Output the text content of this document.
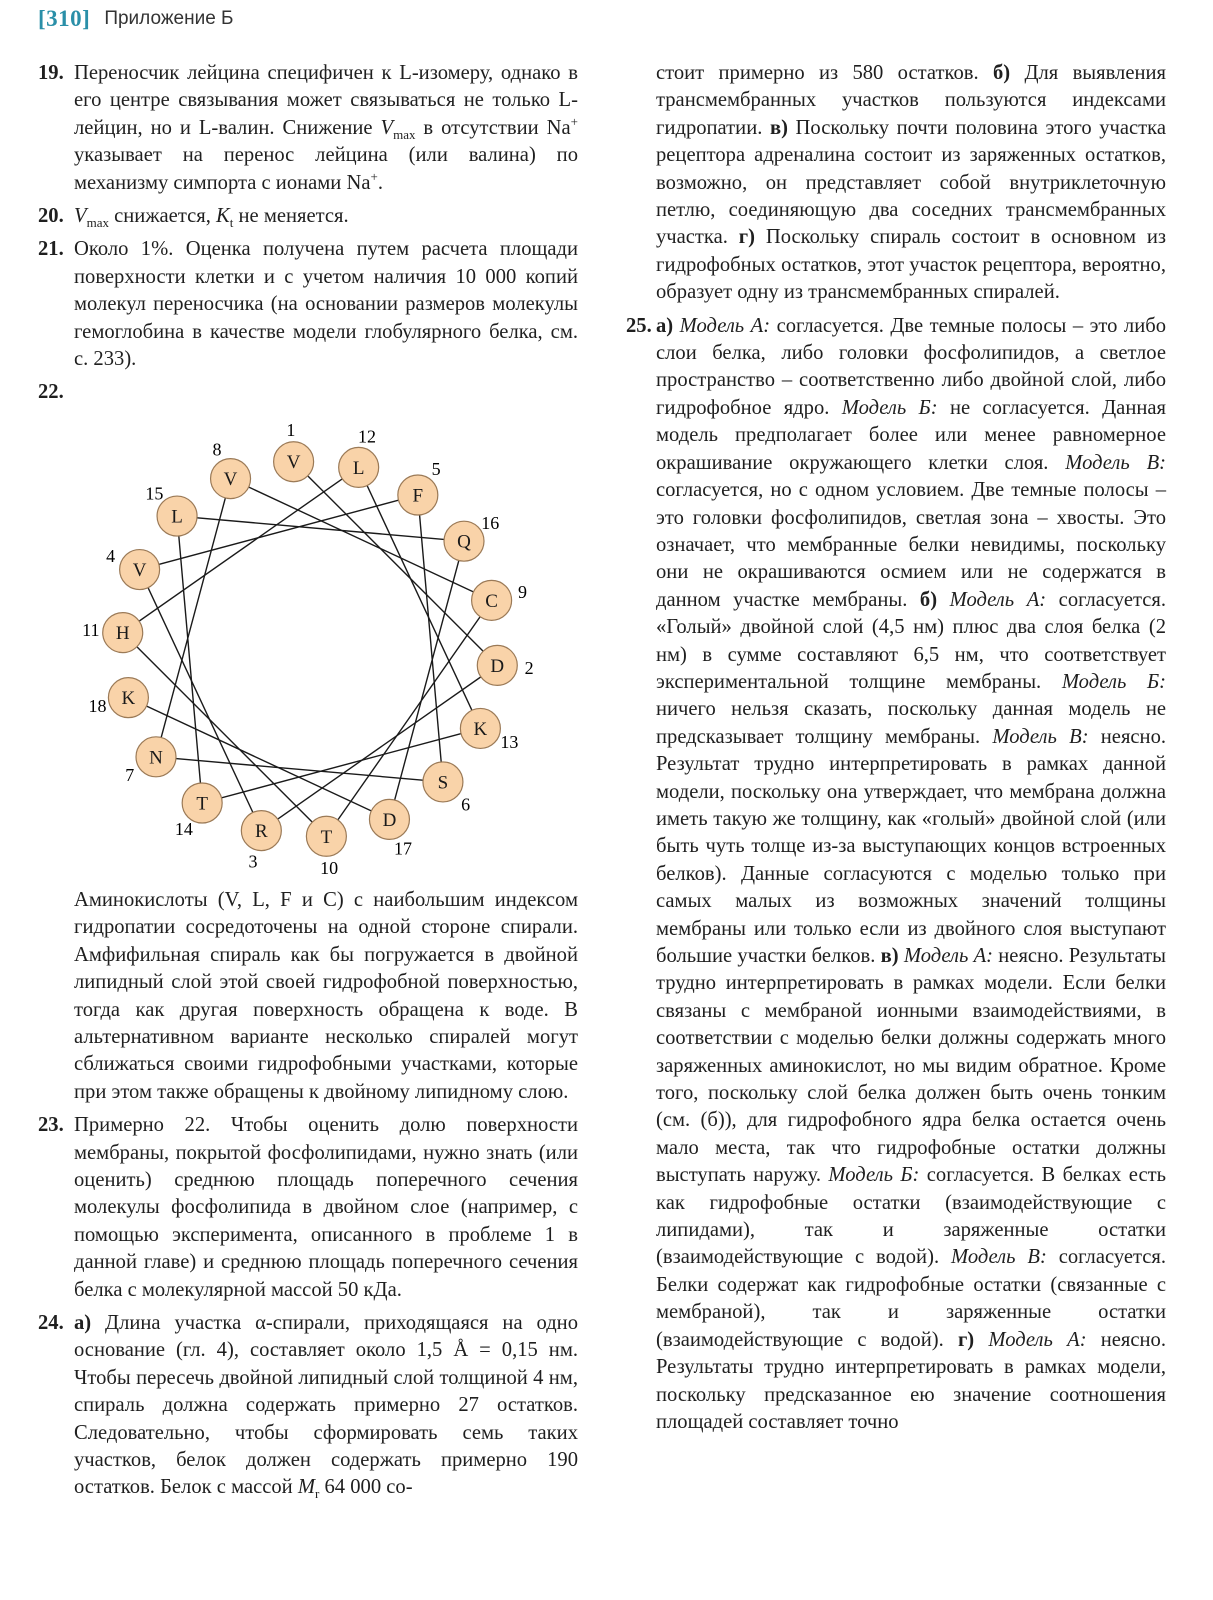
[310] Приложение Б
19. Переносчик лейцина специфичен к L-изомеру, однако в его центре связывания может связываться не только L-лейцин, но и L-валин. Снижение $V_{max}$ в отсутствии Na+ указывает на перенос лейцина (или валина) по механизму симпорта с ионами Na+.
20. $V_{max}$ снижается, $K_t$ не меняется.
21. Около 1%. Оценка получена путем расчета площади поверхности клетки и с учетом наличия 10 000 копий молекул переносчика (на основании размеров молекулы гемоглобина в качестве модели глобулярного белка, см. с. 233).
22.
V
1
D 2
R
3
V
4
F
5
S
6
N
7
V
8
C 9
T
10
H
11
L
12
K
13
T
14
L
15
Q
16
D
17
K
18

Аминокислоты (V, L, F и C) с наибольшим индексом гидропатии сосредоточены на одной стороне спирали. Амфифильная спираль как бы погружается в двойной липидный слой этой своей гидрофобной поверхностью, тогда как другая поверхность обращена к воде. В альтернативном варианте несколько спиралей могут сближаться своими гидрофобными участками, которые при этом также обращены к двойному липидному слою.

23. Примерно 22. Чтобы оценить долю поверхности мембраны, покрытой фосфолипидами, нужно знать (или оценить) среднюю площадь поперечного сечения молекулы фосфолипида в двойном слое (например, с помощью эксперимента, описанного в проблеме 1 в данной главе) и среднюю площадь поперечного сечения белка с молекулярной массой 50 кДа.
24. а) Длина участка α-спирали, приходящаяся на одно основание (гл. 4), составляет около 1,5 Å = 0,15 нм. Чтобы пересечь двойной липидный слой толщиной 4 нм, спираль должна содержать примерно 27 остатков. Следовательно, чтобы сформировать семь таких участков, белок должен содержать примерно 190 остатков. Белок с массой $M_r$ 64 000 со-

стоит примерно из 580 остатков. б) Для выявления трансмембранных участков пользуются индексами гидропатии. в) Поскольку почти половина этого участка рецептора адреналина состоит из заряженных остатков, возможно, он представляет собой внутриклеточную петлю, соединяющую два соседних трансмембранных участка. г) Поскольку спираль состоит в основном из гидрофобных остатков, этот участок рецептора, вероятно, образует одну из трансмембранных спиралей.

25. а) Модель А: согласуется. Две темные полосы – это либо слои белка, либо головки фосфолипидов, а светлое пространство – соответственно либо двойной слой, либо гидрофобное ядро. Модель Б: не согласуется. Данная модель предполагает более или менее равномерное окрашивание окружающего клетки слоя. Модель В: согласуется, но с одном условием. Две темные полосы – это головки фосфолипидов, светлая зона – хвосты. Это означает, что мембранные белки невидимы, поскольку они не окрашиваются осмием или не содержатся в данном участке мембраны. б) Модель А: согласуется. «Голый» двойной слой (4,5 нм) плюс два слоя белка (2 нм) в сумме составляют 6,5 нм, что соответствует экспериментальной толщине мембраны. Модель Б: ничего нельзя сказать, поскольку данная модель не предсказывает толщину мембраны. Модель В: неясно. Результат трудно интерпретировать в рамках данной модели, поскольку она утверждает, что мембрана должна иметь такую же толщину, как «голый» двойной слой (или быть чуть толще из-за выступающих концов встроенных белков). Данные согласуются с моделью только при самых малых из возможных значений толщины мембраны или только если из двойного слоя выступают большие участки белков. в) Модель А: неясно. Результаты трудно интерпретировать в рамках модели. Если белки связаны с мембраной ионными взаимодействиями, в соответствии с моделью белки должны содержать много заряженных аминокислот, но мы видим обратное. Кроме того, поскольку слой белка должен быть очень тонким (см. (б)), для гидрофобного ядра белка остается очень мало места, так что гидрофобные остатки должны выступать наружу. Модель Б: согласуется. В белках есть как гидрофобные остатки (взаимодействующие с липидами), так и заряженные остатки (взаимодействующие с водой). Модель В: согласуется. Белки содержат как гидрофобные остатки (связанные с мембраной), так и заряженные остатки (взаимодействующие с водой). г) Модель А: неясно. Результаты трудно интерпретировать в рамках модели, поскольку предсказанное ею значение соотношения площадей составляет точно
